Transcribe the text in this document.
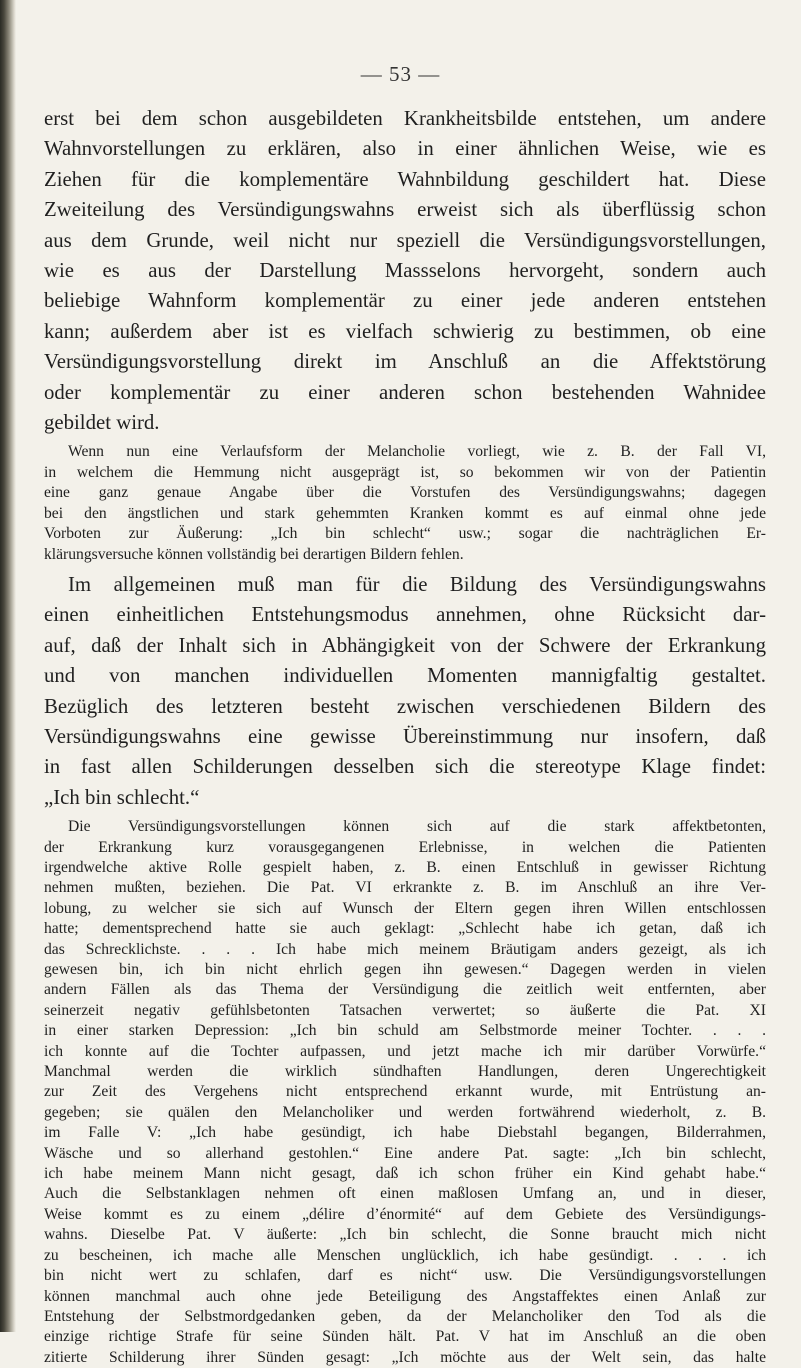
— 53 —
erst bei dem schon ausgebildeten Krankheitsbilde entstehen, um andere
Wahnvorstellungen zu erklären, also in einer ähnlichen Weise, wie es
Ziehen für die komplementäre Wahnbildung geschildert hat. Diese
Zweiteilung des Versündigungswahns erweist sich als überflüssig schon
aus dem Grunde, weil nicht nur speziell die Versündigungsvorstellungen,
wie es aus der Darstellung Massselons hervorgeht, sondern auch
beliebige Wahnform komplementär zu einer jede anderen entstehen
kann; außerdem aber ist es vielfach schwierig zu bestimmen, ob eine
Versündigungsvorstellung direkt im Anschluß an die Affektstörung
oder komplementär zu einer anderen schon bestehenden Wahnidee
gebildet wird.
Wenn nun eine Verlaufsform der Melancholie vorliegt, wie z. B. der Fall VI,
in welchem die Hemmung nicht ausgeprägt ist, so bekommen wir von der Patientin
eine ganz genaue Angabe über die Vorstufen des Versündigungswahns; dagegen
bei den ängstlichen und stark gehemmten Kranken kommt es auf einmal ohne jede
Vorboten zur Äußerung: „Ich bin schlecht“ usw.; sogar die nachträglichen Er-
klärungsversuche können vollständig bei derartigen Bildern fehlen.
Im allgemeinen muß man für die Bildung des Versündigungswahns
einen einheitlichen Entstehungsmodus annehmen, ohne Rücksicht dar-
auf, daß der Inhalt sich in Abhängigkeit von der Schwere der Erkrankung
und von manchen individuellen Momenten mannigfaltig gestaltet.
Bezüglich des letzteren besteht zwischen verschiedenen Bildern des
Versündigungswahns eine gewisse Übereinstimmung nur insofern, daß
in fast allen Schilderungen desselben sich die stereotype Klage findet:
„Ich bin schlecht.“
Die Versündigungsvorstellungen können sich auf die stark affektbetonten,
der Erkrankung kurz vorausgegangenen Erlebnisse, in welchen die Patienten
irgendwelche aktive Rolle gespielt haben, z. B. einen Entschluß in gewisser Richtung
nehmen mußten, beziehen. Die Pat. VI erkrankte z. B. im Anschluß an ihre Ver-
lobung, zu welcher sie sich auf Wunsch der Eltern gegen ihren Willen entschlossen
hatte; dementsprechend hatte sie auch geklagt: „Schlecht habe ich getan, daß ich
das Schrecklichste. . . . Ich habe mich meinem Bräutigam anders gezeigt, als ich
gewesen bin, ich bin nicht ehrlich gegen ihn gewesen.“ Dagegen werden in vielen
andern Fällen als das Thema der Versündigung die zeitlich weit entfernten, aber
seinerzeit negativ gefühlsbetonten Tatsachen verwertet; so äußerte die Pat. XI
in einer starken Depression: „Ich bin schuld am Selbstmorde meiner Tochter. . . .
ich konnte auf die Tochter aufpassen, und jetzt mache ich mir darüber Vorwürfe.“
Manchmal werden die wirklich sündhaften Handlungen, deren Ungerechtigkeit
zur Zeit des Vergehens nicht entsprechend erkannt wurde, mit Entrüstung an-
gegeben; sie quälen den Melancholiker und werden fortwährend wiederholt, z. B.
im Falle V: „Ich habe gesündigt, ich habe Diebstahl begangen, Bilderrahmen,
Wäsche und so allerhand gestohlen.“ Eine andere Pat. sagte: „Ich bin schlecht,
ich habe meinem Mann nicht gesagt, daß ich schon früher ein Kind gehabt habe.“
Auch die Selbstanklagen nehmen oft einen maßlosen Umfang an, und in dieser,
Weise kommt es zu einem „délire d’énormité“ auf dem Gebiete des Versündigungs-
wahns. Dieselbe Pat. V äußerte: „Ich bin schlecht, die Sonne braucht mich nicht
zu bescheinen, ich mache alle Menschen unglücklich, ich habe gesündigt. . . . ich
bin nicht wert zu schlafen, darf es nicht“ usw. Die Versündigungsvorstellungen
können manchmal auch ohne jede Beteiligung des Angstaffektes einen Anlaß zur
Entstehung der Selbstmordgedanken geben, da der Melancholiker den Tod als die
einzige richtige Strafe für seine Sünden hält. Pat. V hat im Anschluß an die oben
zitierte Schilderung ihrer Sünden gesagt: „Ich möchte aus der Welt sein, das halte
